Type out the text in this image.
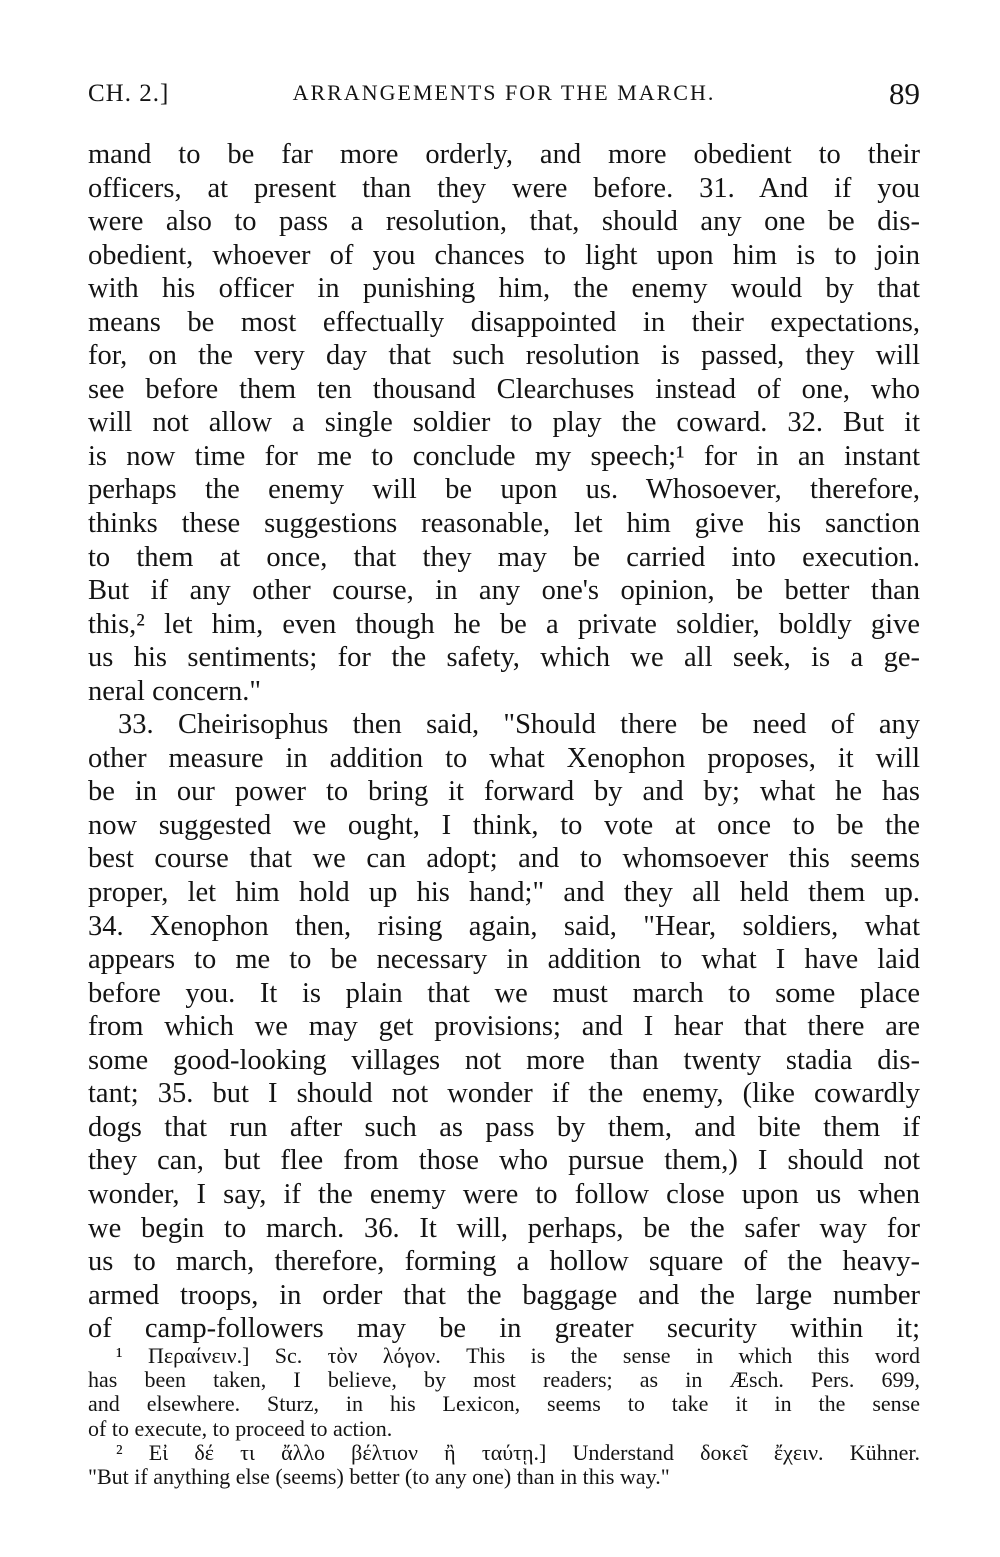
CH. 2.]	ARRANGEMENTS FOR THE MARCH.	89
mand to be far more orderly, and more obedient to their
officers, at present than they were before. 31. And if you
were also to pass a resolution, that, should any one be dis-
obedient, whoever of you chances to light upon him is to join
with his officer in punishing him, the enemy would by that
means be most effectually disappointed in their expectations,
for, on the very day that such resolution is passed, they will
see before them ten thousand Clearchuses instead of one, who
will not allow a single soldier to play the coward. 32. But it
is now time for me to conclude my speech;¹ for in an instant
perhaps the enemy will be upon us. Whosoever, therefore,
thinks these suggestions reasonable, let him give his sanction
to them at once, that they may be carried into execution.
But if any other course, in any one's opinion, be better than
this,² let him, even though he be a private soldier, boldly give
us his sentiments; for the safety, which we all seek, is a ge-
neral concern."
33. Cheirisophus then said, "Should there be need of any
other measure in addition to what Xenophon proposes, it will
be in our power to bring it forward by and by; what he has
now suggested we ought, I think, to vote at once to be the
best course that we can adopt; and to whomsoever this seems
proper, let him hold up his hand;" and they all held them up.
34. Xenophon then, rising again, said, "Hear, soldiers, what
appears to me to be necessary in addition to what I have laid
before you. It is plain that we must march to some place
from which we may get provisions; and I hear that there are
some good-looking villages not more than twenty stadia dis-
tant; 35. but I should not wonder if the enemy, (like cowardly
dogs that run after such as pass by them, and bite them if
they can, but flee from those who pursue them,) I should not
wonder, I say, if the enemy were to follow close upon us when
we begin to march. 36. It will, perhaps, be the safer way for
us to march, therefore, forming a hollow square of the heavy-
armed troops, in order that the baggage and the large number
of camp-followers may be in greater security within it;
¹ Περαίνειν.] Sc. τὸν λόγον. This is the sense in which this word
has been taken, I believe, by most readers; as in Æsch. Pers. 699,
and elsewhere. Sturz, in his Lexicon, seems to take it in the sense
of to execute, to proceed to action.
² Εἰ δέ τι ἄλλο βέλτιον ἢ ταύτῃ.] Understand δοκεῖ ἔχειν. Kühner.
"But if anything else (seems) better (to any one) than in this way."
